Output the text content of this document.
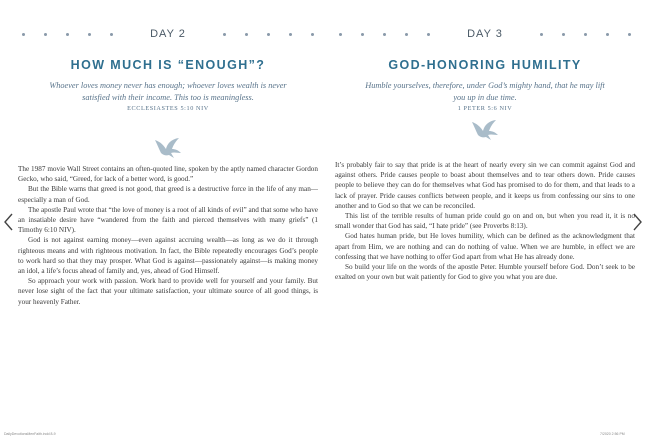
DAY 2
HOW MUCH IS “ENOUGH”?
Whoever loves money never has enough; whoever loves wealth is never satisfied with their income. This too is meaningless.
ECCLESIASTES 5:10 NIV

The 1987 movie Wall Street contains an often-quoted line, spoken by the aptly named character Gordon Gecko, who said, “Greed, for lack of a better word, is good.”

But the Bible warns that greed is not good, that greed is a destructive force in the life of any man—especially a man of God.

The apostle Paul wrote that “the love of money is a root of all kinds of evil” and that some who have an insatiable desire have “wandered from the faith and pierced themselves with many griefs” (1 Timothy 6:10 NIV).

God is not against earning money—even against accruing wealth—as long as we do it through righteous means and with righteous motivation. In fact, the Bible repeatedly encourages God’s people to work hard so that they may prosper. What God is against—passionately against—is making money an idol, a life’s focus ahead of family and, yes, ahead of God Himself.

So approach your work with passion. Work hard to provide well for yourself and your family. But never lose sight of the fact that your ultimate satisfaction, your ultimate source of all good things, is your heavenly Father.

DAY 3
GOD-HONORING HUMILITY
Humble yourselves, therefore, under God’s mighty hand, that he may lift you up in due time.
1 PETER 5:6 NIV

It’s probably fair to say that pride is at the heart of nearly every sin we can commit against God and against others. Pride causes people to boast about themselves and to tear others down. Pride causes people to believe they can do for themselves what God has promised to do for them, and that leads to a lack of prayer. Pride causes conflicts between people, and it keeps us from confessing our sins to one another and to God so that we can be reconciled.

This list of the terrible results of human pride could go on and on, but when you read it, it is no small wonder that God has said, “I hate pride” (see Proverbs 8:13).

God hates human pride, but He loves humility, which can be defined as the acknowledgment that apart from Him, we are nothing and can do nothing of value. When we are humble, in effect we are confessing that we have nothing to offer God apart from what He has already done.

So build your life on the words of the apostle Peter. Humble yourself before God. Don’t seek to be exalted on your own but wait patiently for God to give you what you are due.

DailyDevotionsMenFaith.indd 8-9	7/2020 2:56 PM
